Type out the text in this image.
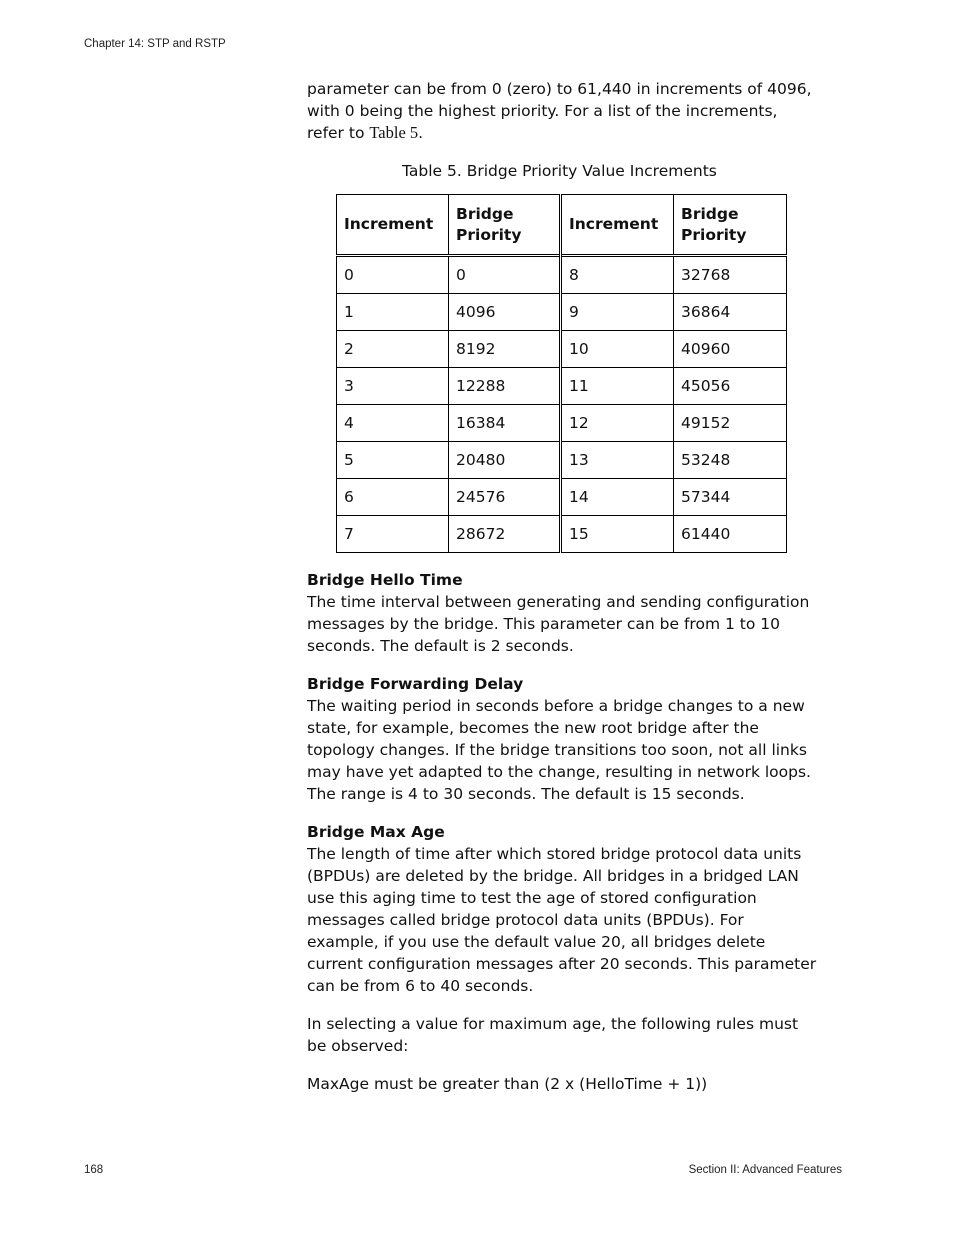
Chapter 14: STP and RSTP

parameter can be from 0 (zero) to 61,440 in increments of 4096, with 0 being the highest priority. For a list of the increments, refer to Table 5.

Table 5. Bridge Priority Value Increments
Increment	Bridge Priority	Increment	Bridge Priority
0	0	8	32768
1	4096	9	36864
2	8192	10	40960
3	12288	11	45056
4	16384	12	49152
5	20480	13	53248
6	24576	14	57344
7	28672	15	61440

Bridge Hello Time

The time interval between generating and sending configuration messages by the bridge. This parameter can be from 1 to 10 seconds. The default is 2 seconds.

Bridge Forwarding Delay

The waiting period in seconds before a bridge changes to a new state, for example, becomes the new root bridge after the topology changes. If the bridge transitions too soon, not all links may have yet adapted to the change, resulting in network loops. The range is 4 to 30 seconds. The default is 15 seconds.

Bridge Max Age

The length of time after which stored bridge protocol data units (BPDUs) are deleted by the bridge. All bridges in a bridged LAN use this aging time to test the age of stored configuration messages called bridge protocol data units (BPDUs). For example, if you use the default value 20, all bridges delete current configuration messages after 20 seconds. This parameter can be from 6 to 40 seconds.

In selecting a value for maximum age, the following rules must be observed:

MaxAge must be greater than (2 x (HelloTime + 1))

168	Section II: Advanced Features
